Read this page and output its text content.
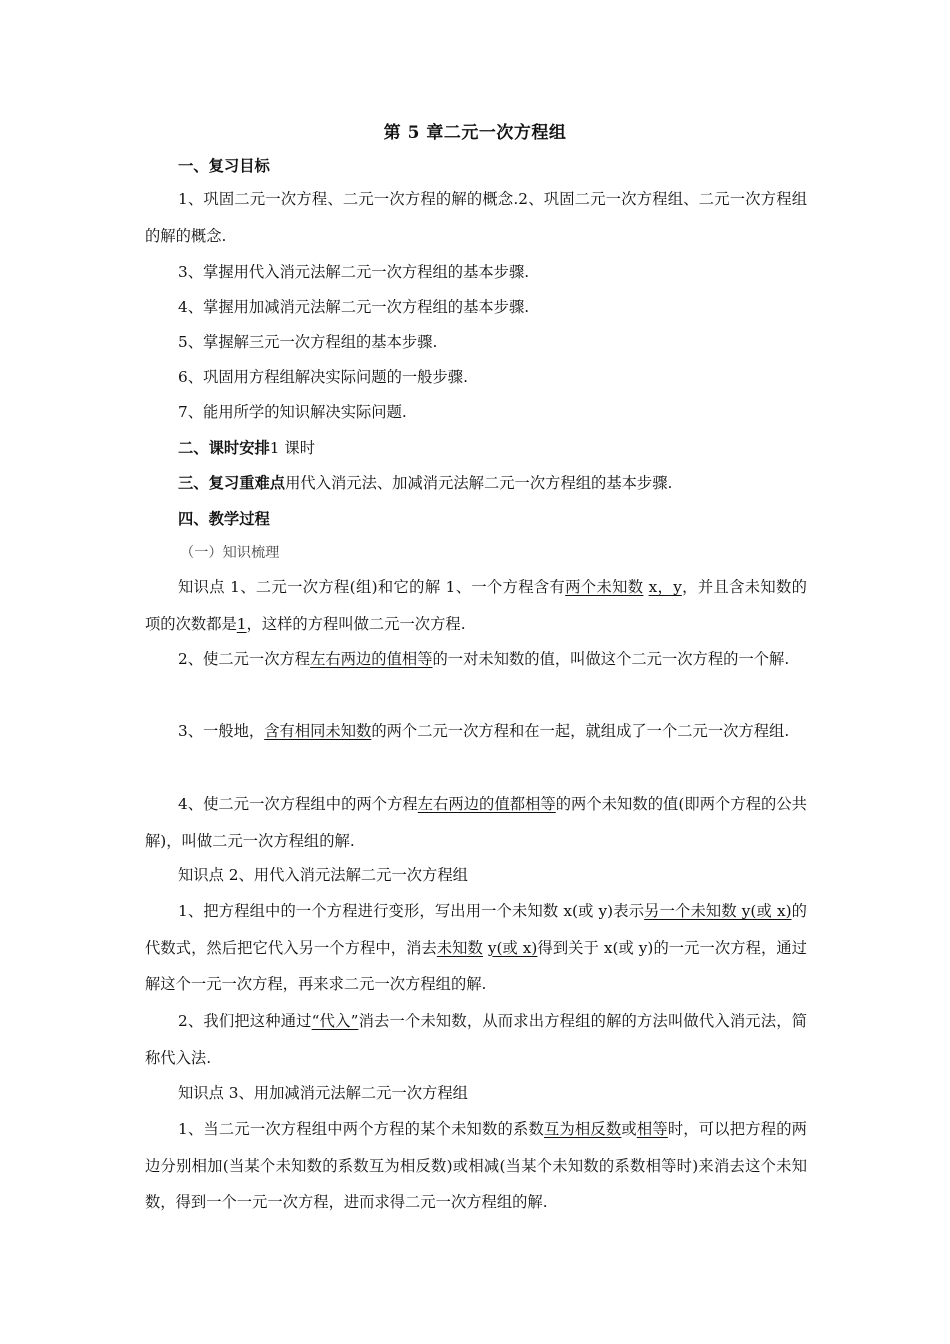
第 5 章二元一次方程组

一、复习目标

1、巩固二元一次方程、二元一次方程的解的概念.2、巩固二元一次方程组、二元一次方程组的解的概念.

3、掌握用代入消元法解二元一次方程组的基本步骤.

4、掌握用加减消元法解二元一次方程组的基本步骤.

5、掌握解三元一次方程组的基本步骤.

6、巩固用方程组解决实际问题的一般步骤.

7、能用所学的知识解决实际问题.

二、课时安排1 课时

三、复习重难点用代入消元法、加减消元法解二元一次方程组的基本步骤.

四、教学过程

（一）知识梳理

知识点 1、二元一次方程(组)和它的解 1、一个方程含有两个未知数 x，y，并且含未知数的项的次数都是1，这样的方程叫做二元一次方程.

2、使二元一次方程左右两边的值相等的一对未知数的值，叫做这个二元一次方程的一个解.

3、一般地，含有相同未知数的两个二元一次方程和在一起，就组成了一个二元一次方程组.

4、使二元一次方程组中的两个方程左右两边的值都相等的两个未知数的值(即两个方程的公共解)，叫做二元一次方程组的解.

知识点 2、用代入消元法解二元一次方程组

1、把方程组中的一个方程进行变形，写出用一个未知数 x(或 y)表示另一个未知数 y(或 x)的代数式，然后把它代入另一个方程中，消去未知数 y(或 x)得到关于 x(或 y)的一元一次方程，通过解这个一元一次方程，再来求二元一次方程组的解.

2、我们把这种通过“代入”消去一个未知数，从而求出方程组的解的方法叫做代入消元法，简称代入法.

知识点 3、用加减消元法解二元一次方程组

1、当二元一次方程组中两个方程的某个未知数的系数互为相反数或相等时，可以把方程的两边分别相加(当某个未知数的系数互为相反数)或相减(当某个未知数的系数相等时)来消去这个未知数，得到一个一元一次方程，进而求得二元一次方程组的解.
